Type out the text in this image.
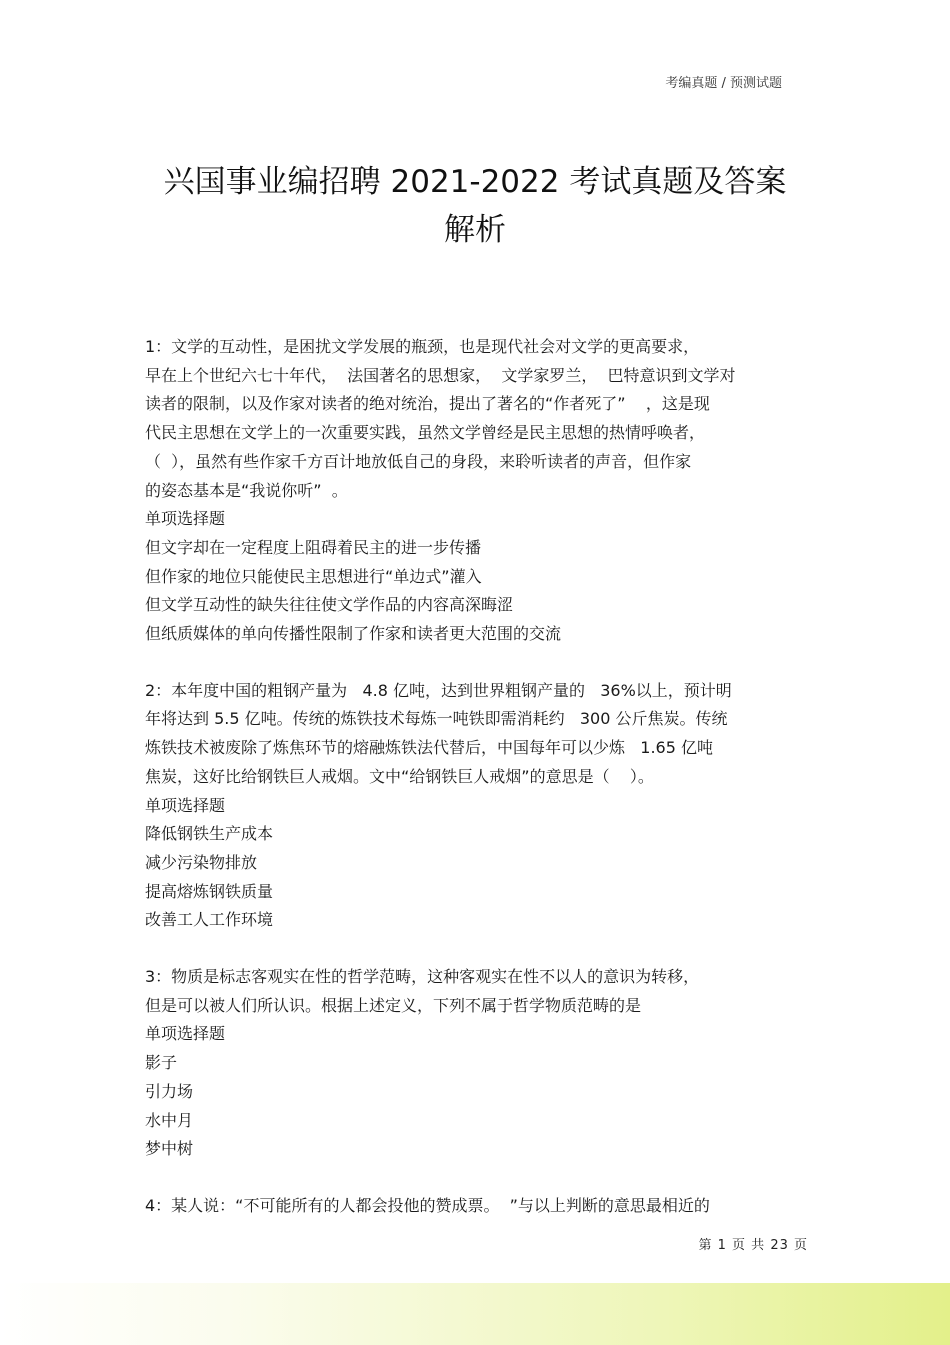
考编真题 / 预测试题
兴国事业编招聘 2021-2022 考试真题及答案
解析
1：文学的互动性，是困扰文学发展的瓶颈，也是现代社会对文学的更高要求，
早在上个世纪六七十年代，  法国著名的思想家，  文学家罗兰，  巴特意识到文学对
读者的限制，以及作家对读者的绝对统治，提出了著名的“作者死了”    ，这是现
代民主思想在文学上的一次重要实践，虽然文学曾经是民主思想的热情呼唤者，
（  ），虽然有些作家千方百计地放低自己的身段，来聆听读者的声音，但作家
的姿态基本是“我说你听”  。
单项选择题
但文字却在一定程度上阻碍着民主的进一步传播
但作家的地位只能使民主思想进行“单边式”灌入
但文学互动性的缺失往往使文学作品的内容高深晦涩
但纸质媒体的单向传播性限制了作家和读者更大范围的交流
2：本年度中国的粗钢产量为   4.8 亿吨，达到世界粗钢产量的   36%以上，预计明
年将达到 5.5 亿吨。传统的炼铁技术每炼一吨铁即需消耗约   300 公斤焦炭。传统
炼铁技术被废除了炼焦环节的熔融炼铁法代替后，中国每年可以少炼   1.65 亿吨
焦炭，这好比给钢铁巨人戒烟。文中“给钢铁巨人戒烟”的意思是（    ）。
单项选择题
降低钢铁生产成本
减少污染物排放
提高熔炼钢铁质量
改善工人工作环境
3：物质是标志客观实在性的哲学范畴，这种客观实在性不以人的意识为转移，
但是可以被人们所认识。根据上述定义，下列不属于哲学物质范畴的是
单项选择题
影子
引力场
水中月
梦中树
4：某人说：“不可能所有的人都会投他的赞成票。  ”与以上判断的意思最相近的
第 1 页 共 23 页
